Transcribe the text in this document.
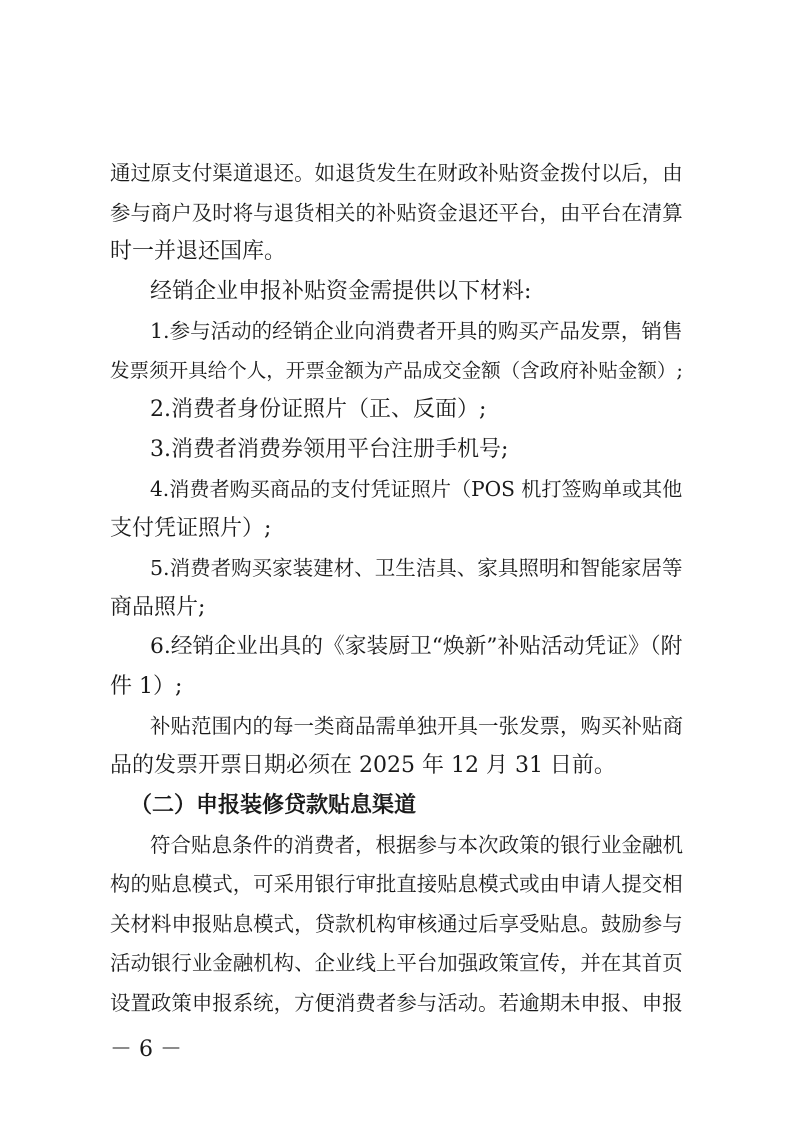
通过原支付渠道退还。如退货发生在财政补贴资金拨付以后，由
参与商户及时将与退货相关的补贴资金退还平台，由平台在清算
时一并退还国库。
经销企业申报补贴资金需提供以下材料:
1.参与活动的经销企业向消费者开具的购买产品发票，销售
发票须开具给个人，开票金额为产品成交金额（含政府补贴金额）;
2.消费者身份证照片（正、反面）;
3.消费者消费券领用平台注册手机号;
4.消费者购买商品的支付凭证照片（POS 机打签购单或其他
支付凭证照片）;
5.消费者购买家装建材、卫生洁具、家具照明和智能家居等
商品照片;
6.经销企业出具的《家装厨卫“焕新”补贴活动凭证》（附
件 1）;
补贴范围内的每一类商品需单独开具一张发票，购买补贴商
品的发票开票日期必须在 2025 年 12 月 31 日前。
（二）申报装修贷款贴息渠道
符合贴息条件的消费者，根据参与本次政策的银行业金融机
构的贴息模式，可采用银行审批直接贴息模式或由申请人提交相
关材料申报贴息模式，贷款机构审核通过后享受贴息。鼓励参与
活动银行业金融机构、企业线上平台加强政策宣传，并在其首页
设置政策申报系统，方便消费者参与活动。若逾期未申报、申报
－ 6 －
